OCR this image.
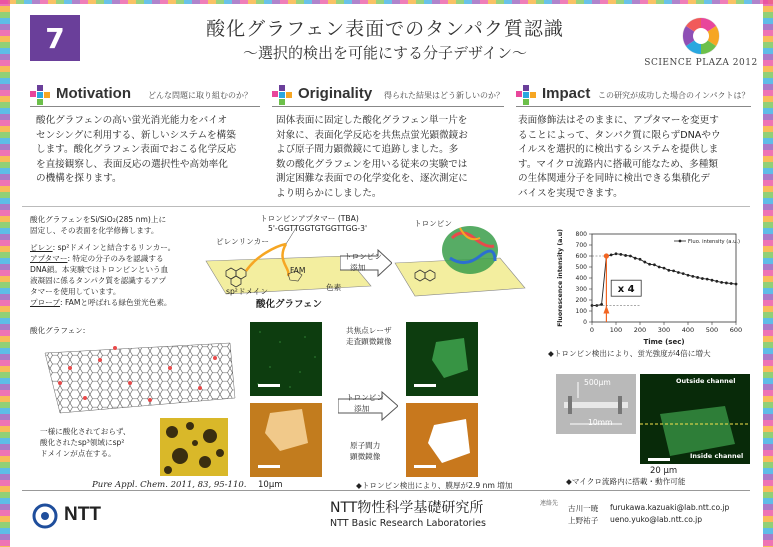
7	酸化グラフェン表面でのタンパク質認識
～選択的検出を可能にする分子デザイン～
SCIENCE PLAZA 2012
Motivation どんな問題に取り組むのか？
酸化グラフェンの高い蛍光消光能力をバイオ
センシングに利用する、新しいシステムを構築
します。酸化グラフェン表面でおこる化学反応
を直接観察し、表面反応の選択性や高効率化
の機構を探ります。
Originality 得られた結果はどう新しいのか？
固体表面に固定した酸化グラフェン単一片を
対象に、表面化学反応を共焦点蛍光顕微鏡お
よび原子間力顕微鏡にて追跡しました。多
数の酸化グラフェンを用いる従来の実験では
測定困難な表面での化学変化を、逐次測定に
より明らかにしました。
Impact この研究が成功した場合のインパクトは？
表面修飾法はそのままに、アプタマーを変更す
ることによって、タンパク質に限らずDNAやウ
イルスを選択的に検出するシステムを提供しま
す。マイクロ流路内に搭載可能なため、多種類
の生体関連分子を同時に検出できる集積化デ
バイスを実現できます。
酸化グラフェンをSi/SiO₂(285 nm)上に
固定し、その表面を化学修飾します。
ピレン: sp²ドメインと結合するリンカー。
アプタマー: 特定の分子のみを認識する
DNA鎖。本実験ではトロンビンという血
液凝固に係るタンパク質を認識するアプ
タマーを使用しています。
プローブ: FAMと呼ばれる緑色蛍光色素。
酸化グラフェン:
一様に酸化されておらず、
酸化されたsp³領域にsp²
ドメインが点在する。
Pure Appl. Chem. 2011, 83, 95-110.
トロンビンアプタマー (TBA)
5'-GGTTGGTGTGGTTGG-3'
ピレンリンカー
FAM
色素
sp²ドメイン
酸化グラフェン
トロンビン
添加
トロンビン
10μm
共焦点レーザ
走査顕微鏡像
トロンビン
添加
原子間力
顕微鏡像
◆トロンビン検出により、膜厚が2.9 nm 増加
0 100 200 300 400 500 600
0
100
200
300
400
500
600
700
800
Time (sec)
Fluorescence intensity (a.u)	Fluo. intensity (a.u.)
x 4
◆トロンビン検出により、蛍光強度が4倍に増大
500μm
10mm
Outside channel
Inside channel
20 μm
◆マイクロ流路内に搭載・動作可能
NTT	NTT物性科学基礎研究所
NTT Basic Research Laboratories
連絡先
古川一暁 furukawa.kazuaki@lab.ntt.co.jp
上野祐子 ueno.yuko@lab.ntt.co.jp
